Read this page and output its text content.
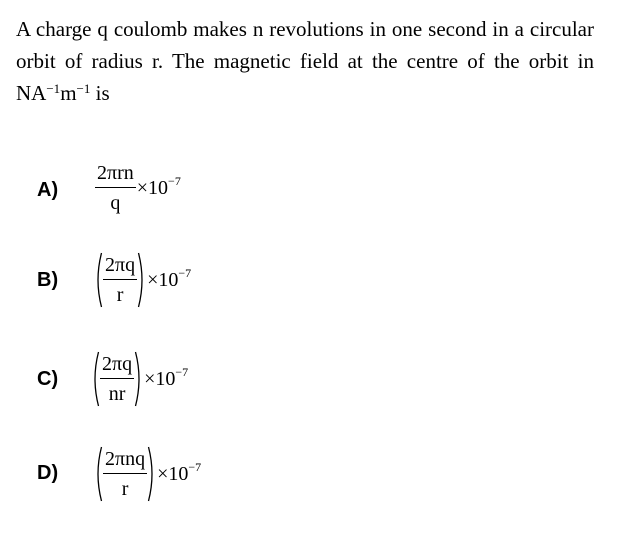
A charge q coulomb makes n revolutions in one second in a circular orbit of radius r. The magnetic field at the centre of the orbit in $NA^{-1}m^{-1}$ is
$A) \frac{\text{2πrn}}{q} \times 10^{-7}$
$B) \frac{2\pi q}{r} \times 10^{-7}$
$C) \frac{2\pi q}{nr} \times 10^{-7}$
$D) \frac{\text{2πnq}}{r} \times 10^{-7}$
